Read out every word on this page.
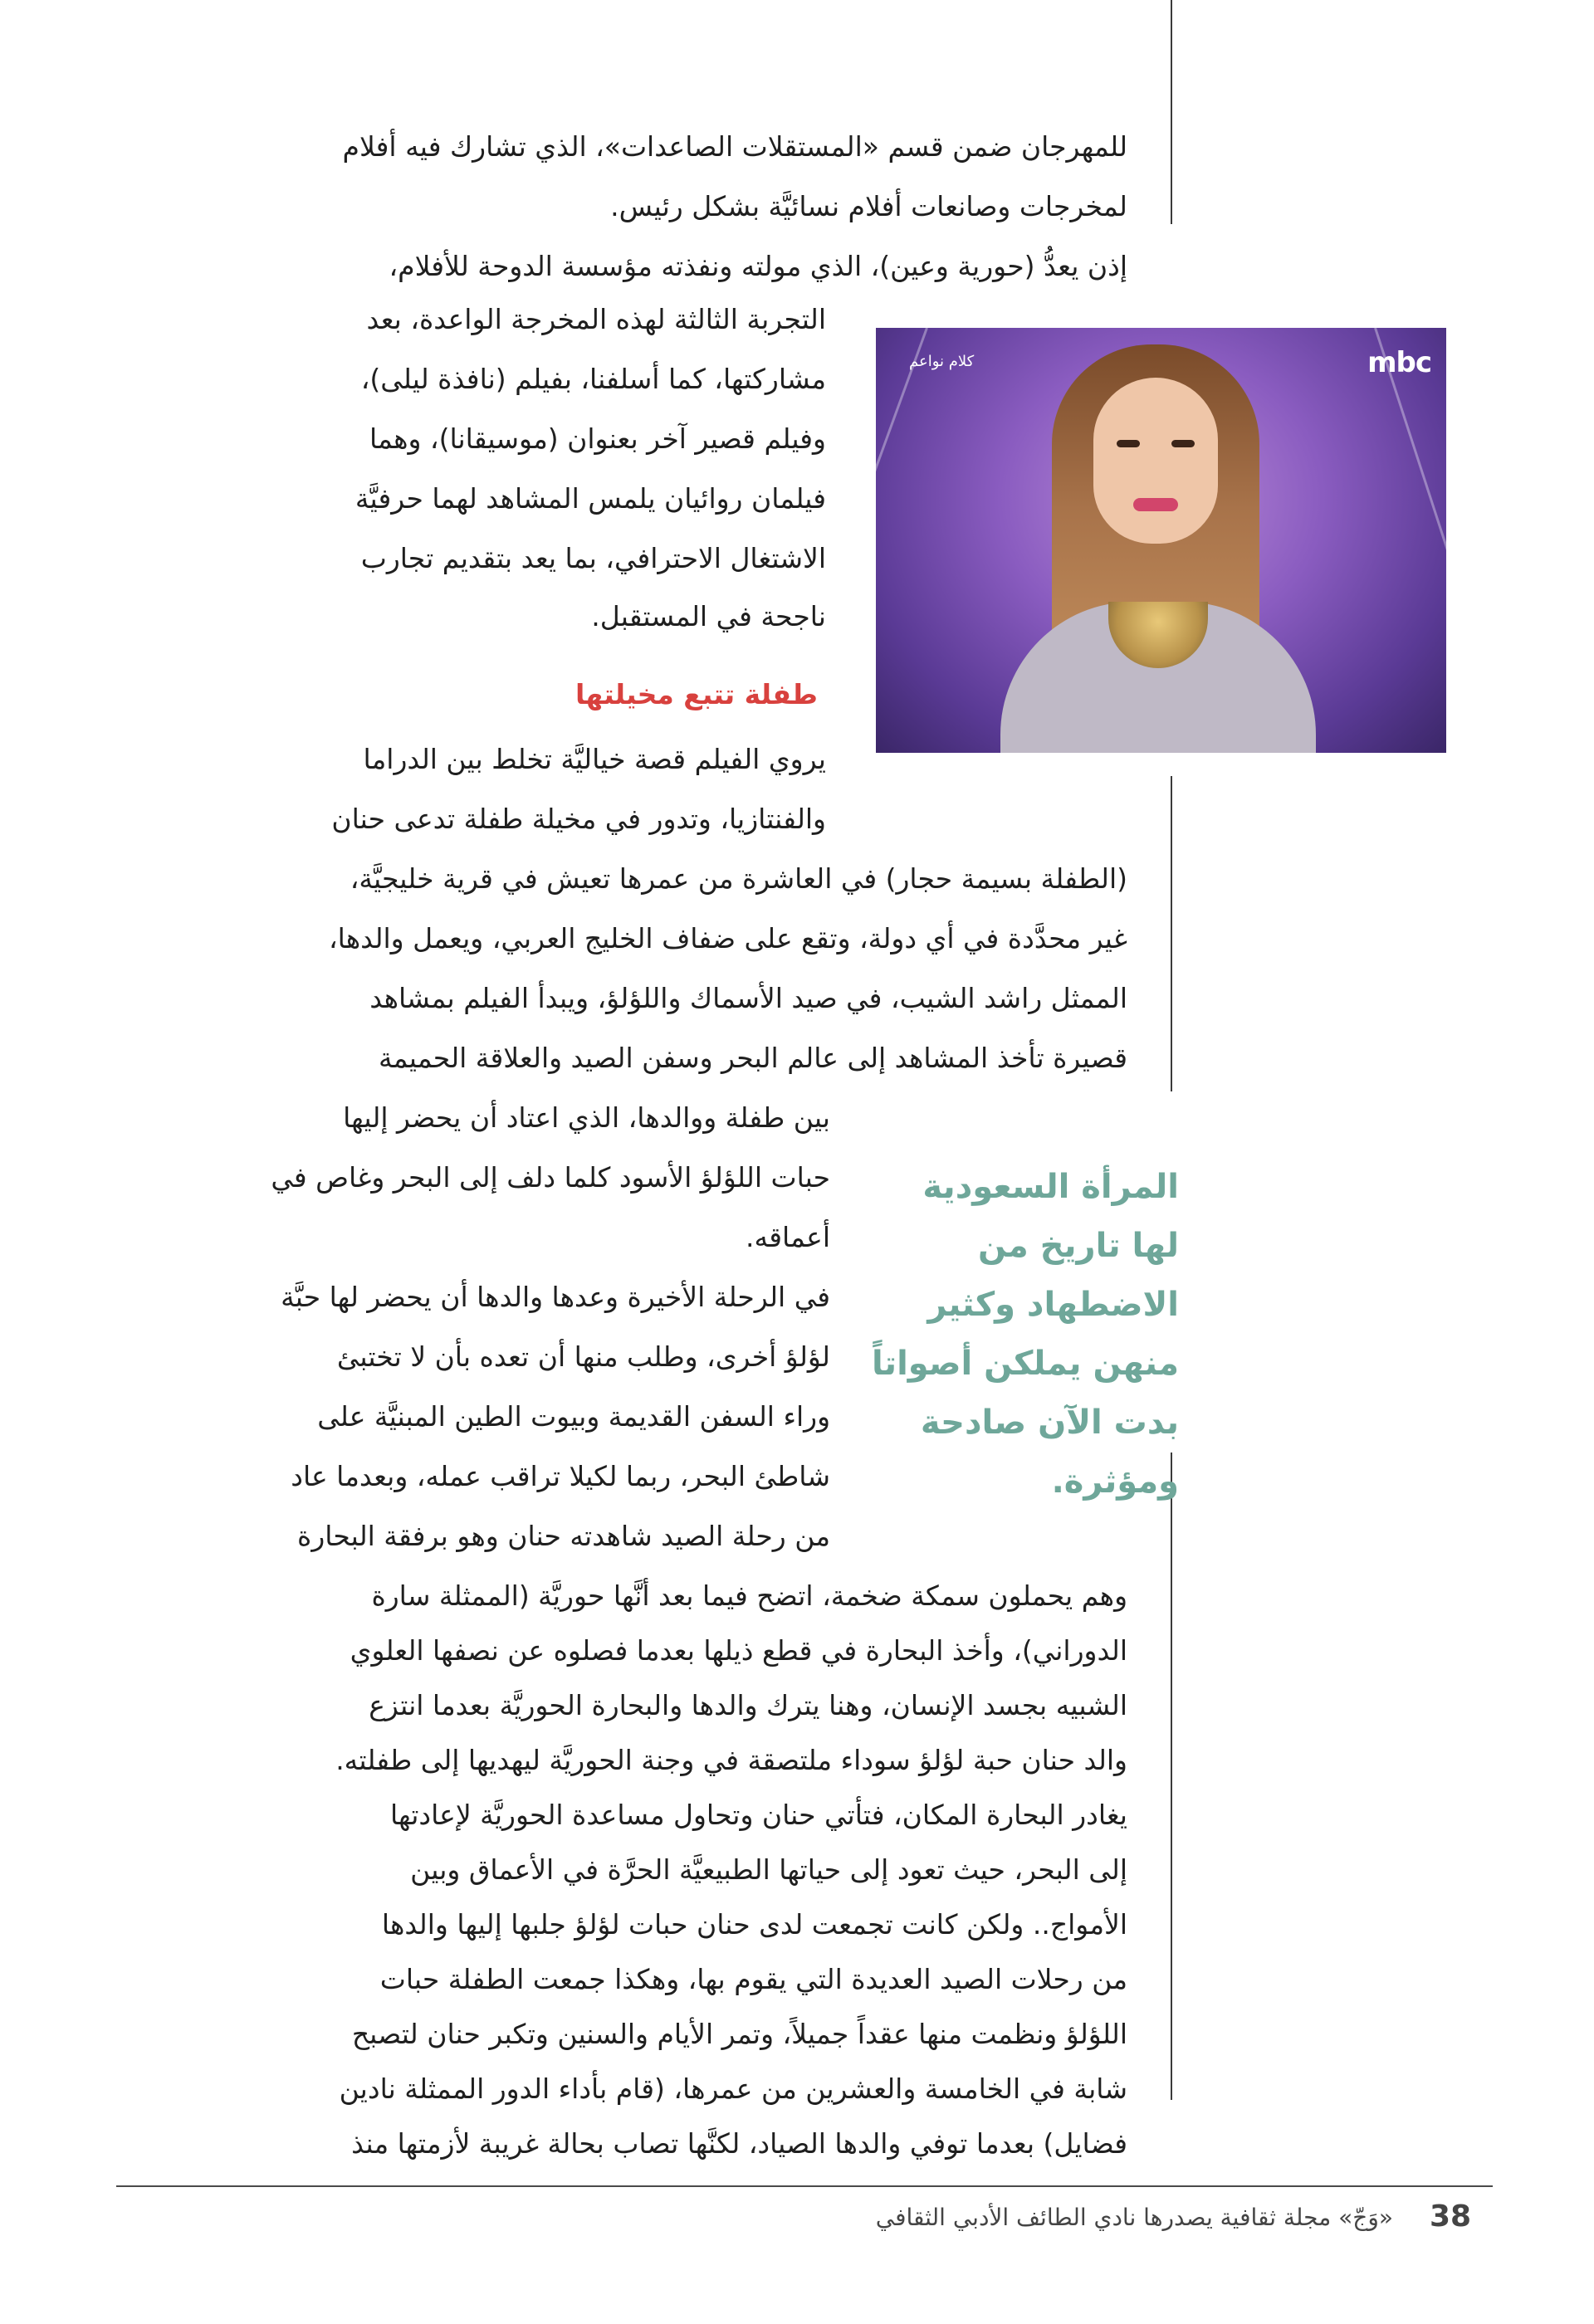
للمهرجان ضمن قسم «المستقلات الصاعدات»، الذي تشارك فيه أفلام
لمخرجات وصانعات أفلام نسائيَّة بشكل رئيس.
إذن يعدُّ (حورية وعين)، الذي مولته ونفذته مؤسسة الدوحة للأفلام،
mbc
كلام نواعم
التجربة الثالثة لهذه المخرجة الواعدة، بعد
مشاركتها، كما أسلفنا، بفيلم (نافذة ليلى)،
وفيلم قصير آخر بعنوان (موسيقانا)، وهما
فيلمان روائيان يلمس المشاهد لهما حرفيَّة
الاشتغال الاحترافي، بما يعد بتقديم تجارب
ناجحة في المستقبل.
طفلة تتبع مخيلتها
يروي الفيلم قصة خياليَّة تخلط بين الدراما
والفنتازيا، وتدور في مخيلة طفلة تدعى حنان
(الطفلة بسيمة حجار) في العاشرة من عمرها تعيش في قرية خليجيَّة،
غير محدَّدة في أي دولة، وتقع على ضفاف الخليج العربي، ويعمل والدها،
الممثل راشد الشيب، في صيد الأسماك واللؤلؤ، ويبدأ الفيلم بمشاهد
قصيرة تأخذ المشاهد إلى عالم البحر وسفن الصيد والعلاقة الحميمة
المرأة السعودية
لها تاريخ من
الاضطهاد وكثير
منهن يملكن أصواتاً
بدت الآن صادحة
ومؤثرة.
بين طفلة ووالدها، الذي اعتاد أن يحضر إليها
حبات اللؤلؤ الأسود كلما دلف إلى البحر وغاص في
أعماقه.
في الرحلة الأخيرة وعدها والدها أن يحضر لها حبَّة
لؤلؤ أخرى، وطلب منها أن تعده بأن لا تختبئ
وراء السفن القديمة وبيوت الطين المبنيَّة على
شاطئ البحر، ربما لكيلا تراقب عمله، وبعدما عاد
من رحلة الصيد شاهدته حنان وهو برفقة البحارة
وهم يحملون سمكة ضخمة، اتضح فيما بعد أنَّها حوريَّة (الممثلة سارة
الدوراني)، وأخذ البحارة في قطع ذيلها بعدما فصلوه عن نصفها العلوي
الشبيه بجسد الإنسان، وهنا يترك والدها والبحارة الحوريَّة بعدما انتزع
والد حنان حبة لؤلؤ سوداء ملتصقة في وجنة الحوريَّة ليهديها إلى طفلته.
يغادر البحارة المكان، فتأتي حنان وتحاول مساعدة الحوريَّة لإعادتها
إلى البحر، حيث تعود إلى حياتها الطبيعيَّة الحرَّة في الأعماق وبين
الأمواج.. ولكن كانت تجمعت لدى حنان حبات لؤلؤ جلبها إليها والدها
من رحلات الصيد العديدة التي يقوم بها، وهكذا جمعت الطفلة حبات
اللؤلؤ ونظمت منها عقداً جميلاً، وتمر الأيام والسنين وتكبر حنان لتصبح
شابة في الخامسة والعشرين من عمرها، (قام بأداء الدور الممثلة نادين
فضايل) بعدما توفي والدها الصياد، لكنَّها تصاب بحالة غريبة لأزمتها منذ
38
«وَجّ» مجلة ثقافية يصدرها نادي الطائف الأدبي الثقافي
